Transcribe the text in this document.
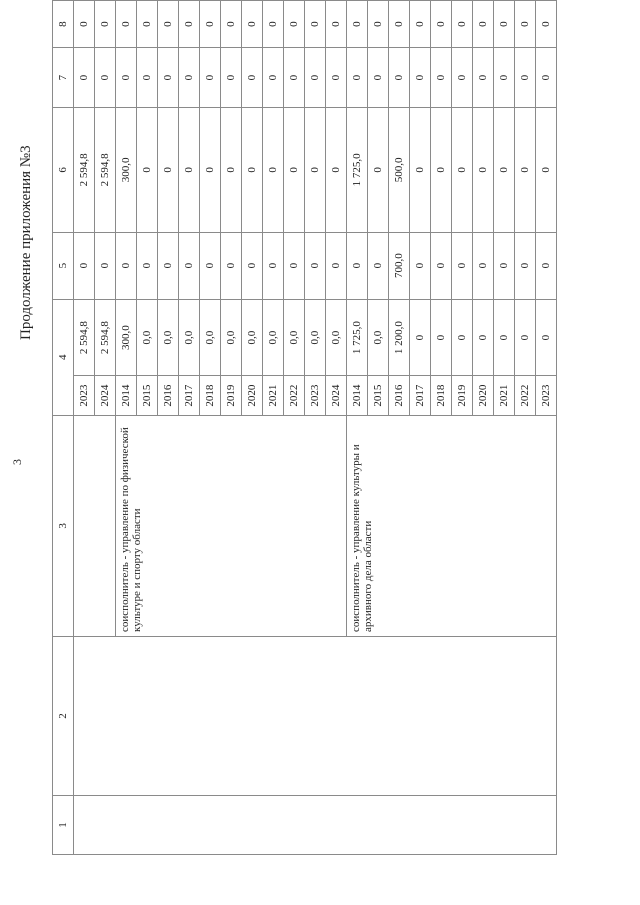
3
Продолжение приложения №3
1	2	3	4		5	6	7	8
			2023	2 594,8	0	2 594,8	0	0
			2024	2 594,8	0	2 594,8	0	0
		соисполнитель - управление по физической культуре и спорту области	2014	300,0	0	300,0	0	0
			2015	0,0	0	0	0	0
			2016	0,0	0	0	0	0
			2017	0,0	0	0	0	0
			2018	0,0	0	0	0	0
			2019	0,0	0	0	0	0
			2020	0,0	0	0	0	0
			2021	0,0	0	0	0	0
			2022	0,0	0	0	0	0
			2023	0,0	0	0	0	0
			2024	0,0	0	0	0	0
		соисполнитель - управление культуры и архивного дела области	2014	1 725,0	0	1 725,0	0	0
			2015	0,0	0	0	0	0
			2016	1 200,0	700,0	500,0	0	0
			2017	0	0	0	0	0
			2018	0	0	0	0	0
			2019	0	0	0	0	0
			2020	0	0	0	0	0
			2021	0	0	0	0	0
			2022	0	0	0	0	0
			2023	0	0	0	0	0
